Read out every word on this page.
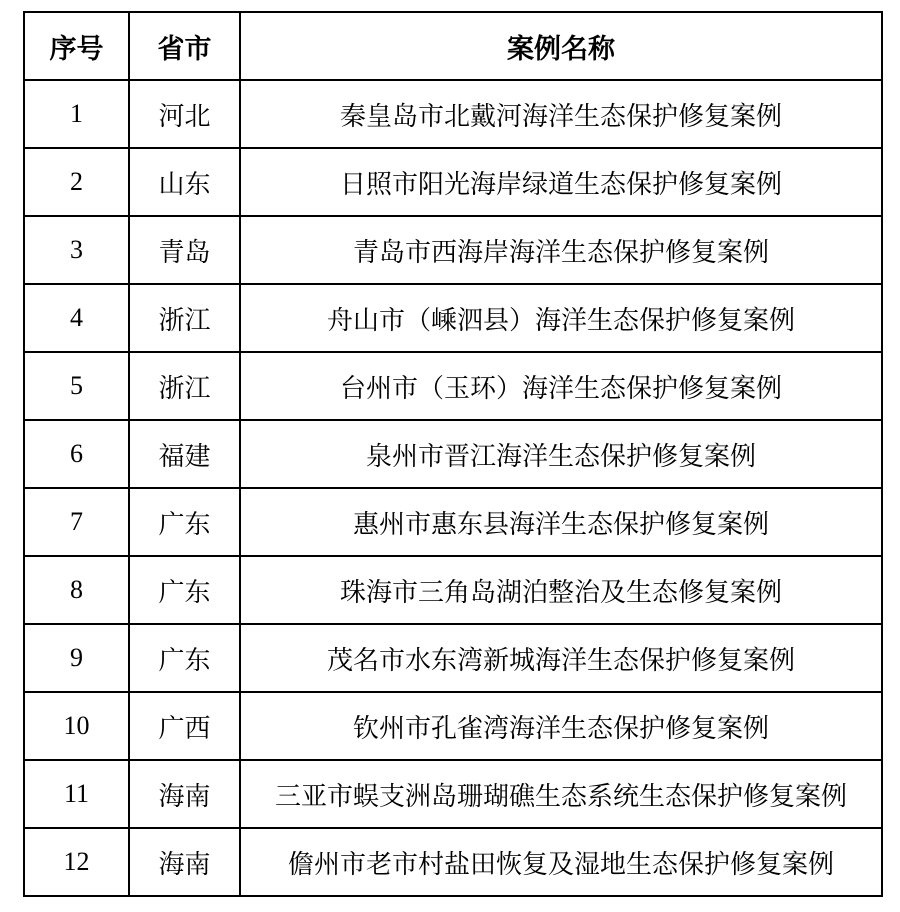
序号	省市	案例名称
1	河北	秦皇岛市北戴河海洋生态保护修复案例
2	山东	日照市阳光海岸绿道生态保护修复案例
3	青岛	青岛市西海岸海洋生态保护修复案例
4	浙江	舟山市（嵊泗县）海洋生态保护修复案例
5	浙江	台州市（玉环）海洋生态保护修复案例
6	福建	泉州市晋江海洋生态保护修复案例
7	广东	惠州市惠东县海洋生态保护修复案例
8	广东	珠海市三角岛湖泊整治及生态修复案例
9	广东	茂名市水东湾新城海洋生态保护修复案例
10	广西	钦州市孔雀湾海洋生态保护修复案例
11	海南	三亚市蜈支洲岛珊瑚礁生态系统生态保护修复案例
12	海南	儋州市老市村盐田恢复及湿地生态保护修复案例
